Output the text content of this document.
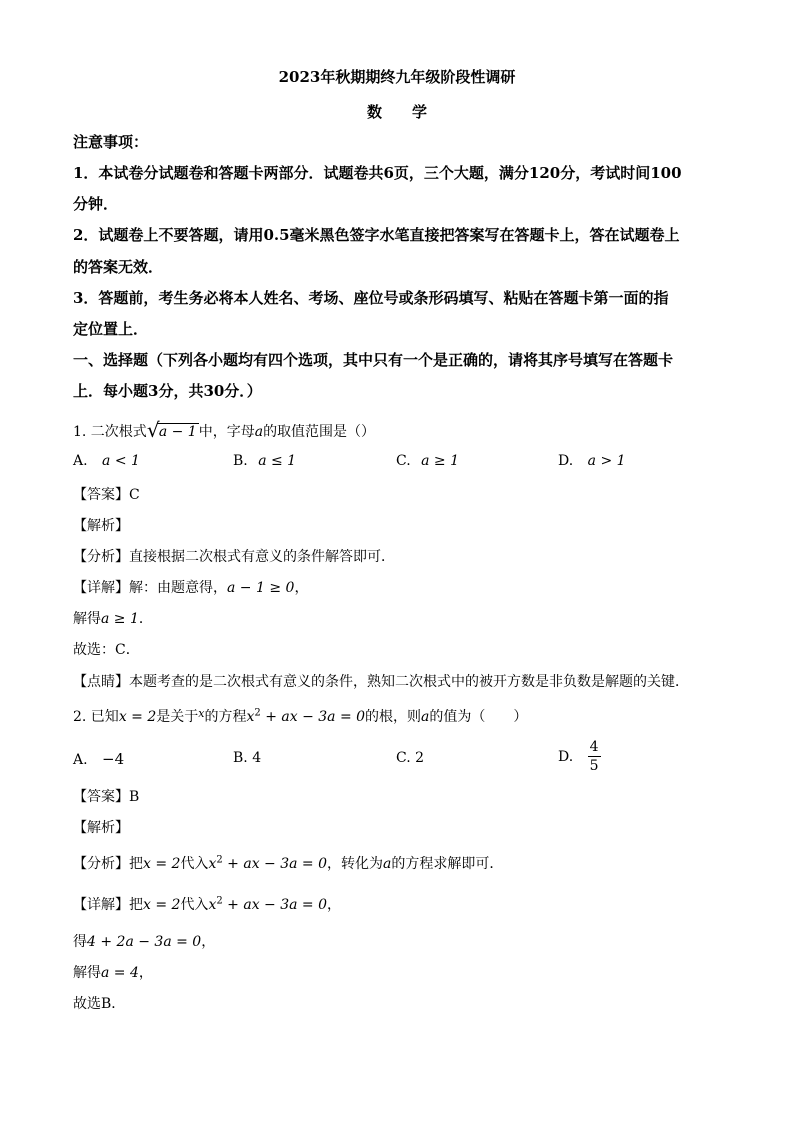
2023年秋期期终九年级阶段性调研
数　　学
注意事项：
1．本试卷分试题卷和答题卡两部分．试题卷共6页，三个大题，满分120分，考试时间100
分钟．
2．试题卷上不要答题，请用0.5毫米黑色签字水笔直接把答案写在答题卡上，答在试题卷上
的答案无效．
3．答题前，考生务必将本人姓名、考场、座位号或条形码填写、粘贴在答题卡第一面的指
定位置上．
一、选择题（下列各小题均有四个选项，其中只有一个是正确的，请将其序号填写在答题卡
上．每小题3分，共30分．）
1. 二次根式 √ a − 1 中，字母a的取值范围是（）
A. a < 1	B. a ≤ 1	C. a ≥ 1	D. a > 1
【答案】C
【解析】
【分析】直接根据二次根式有意义的条件解答即可．
【详解】解：由题意得，a − 1 ≥ 0，
解得a ≥ 1．
故选：C．
【点睛】本题考查的是二次根式有意义的条件，熟知二次根式中的被开方数是非负数是解题的关键．
2. 已知x = 2是关于$^x$的方程$x^2$ + ax − 3a = 0的根，则a的值为（　　）
A. −4	B. 4	C. 2	D. $\frac{4}{5}$
【答案】B
【解析】
【分析】把x = 2代入$x^2$ + ax − 3a = 0，转化为a的方程求解即可．
【详解】把x = 2代入$x^2$ + ax − 3a = 0，
得4 + 2a − 3a = 0，
解得a = 4，
故选B．
